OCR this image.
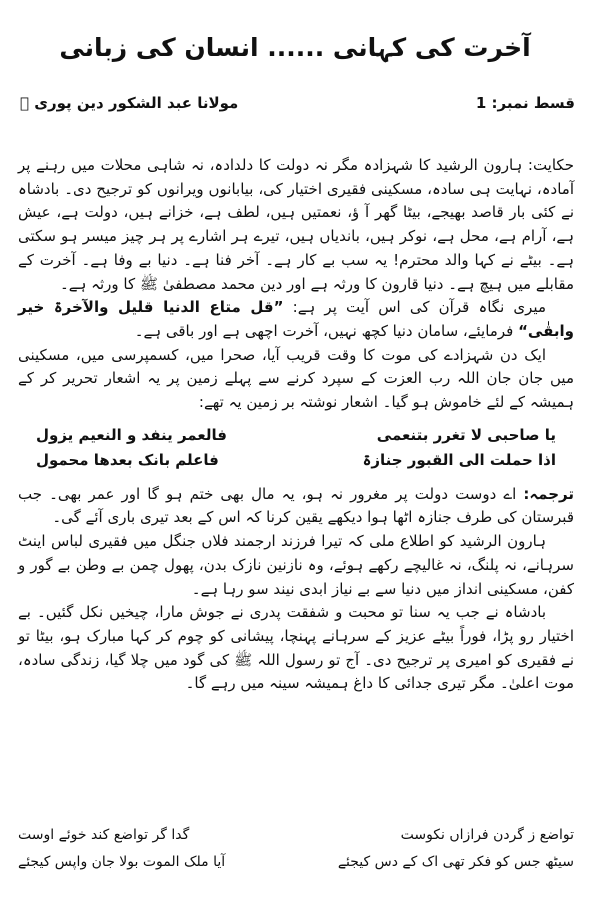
آخرت کی کہانی ...... انسان کی زبانی
قسط نمبر: 1
مولانا عبد الشکور دین پوری ﷫

حکایت: ہارون الرشید کا شہزادہ مگر نہ دولت کا دلدادہ، نہ شاہی محلات میں رہنے پر آمادہ، نہایت ہی سادہ، مسکینی فقیری اختیار کی، بیابانوں ویرانوں کو ترجیح دی۔ بادشاہ نے کئی بار قاصد بھیجے، بیٹا گھر آ ؤ، نعمتیں ہیں، لطف ہے، خزانے ہیں، دولت ہے، عیش ہے، آرام ہے، محل ہے، نوکر ہیں، باندیاں ہیں، تیرے ہر اشارے پر ہر چیز میسر ہو سکتی ہے۔ بیٹے نے کہا والد محترم! یہ سب بے کار ہے۔ آخر فنا ہے۔ دنیا بے وفا ہے۔ آخرت کے مقابلے میں ہیچ ہے۔ دنیا قارون کا ورثہ ہے اور دین محمد مصطفیٰ ﷺ کا ورثہ ہے۔

میری نگاہ قرآن کی اس آیت پر ہے: ”قل متاع الدنیا قلیل والآخرۃ خیر وابقٰی“ فرمایئے، سامان دنیا کچھ نہیں، آخرت اچھی ہے اور باقی ہے۔

ایک دن شہزادے کی موت کا وقت قریب آیا، صحرا میں، کسمپرسی میں، مسکینی میں جان جان اللہ رب العزت کے سپرد کرنے سے پہلے زمین پر یہ اشعار تحریر کر کے ہمیشہ کے لئے خاموش ہو گیا۔ اشعار نوشتہ بر زمین یہ تھے:

یا صاحبی لا تغرر بتنعمی
فالعمر ینفد و النعیم یزول
اذا حملت الی القبور جنازۃ
فاعلم بانک بعدھا محمول

ترجمہ: اے دوست دولت پر مغرور نہ ہو، یہ مال بھی ختم ہو گا اور عمر بھی۔ جب قبرستان کی طرف جنازہ اٹھا ہوا دیکھے یقین کرنا کہ اس کے بعد تیری باری آئے گی۔

ہارون الرشید کو اطلاع ملی کہ تیرا فرزند ارجمند فلاں جنگل میں فقیری لباس اینٹ سرہانے، نہ پلنگ، نہ غالیچے رکھے ہوئے، وہ نازنین نازک بدن، پھول چمن بے وطن بے گور و کفن، مسکینی انداز میں دنیا سے بے نیاز ابدی نیند سو رہا ہے۔

بادشاہ نے جب یہ سنا تو محبت و شفقت پدری نے جوش مارا، چیخیں نکل گئیں۔ بے اختیار رو پڑا، فوراً بیٹے عزیز کے سرہانے پہنچا، پیشانی کو چوم کر کہا مبارک ہو، بیٹا تو نے فقیری کو امیری پر ترجیح دی۔ آج تو رسول اللہ ﷺ کی گود میں چلا گیا، زندگی سادہ، موت اعلیٰ۔ مگر تیری جدائی کا داغ ہمیشہ سینہ میں رہے گا۔

تواضع ز گردن فرازاں نکوست
گدا گر تواضع کند خوئے اوست
سیٹھ جس کو فکر تھی اک کے دس کیجئے
آیا ملک الموت بولا جان واپس کیجئے
